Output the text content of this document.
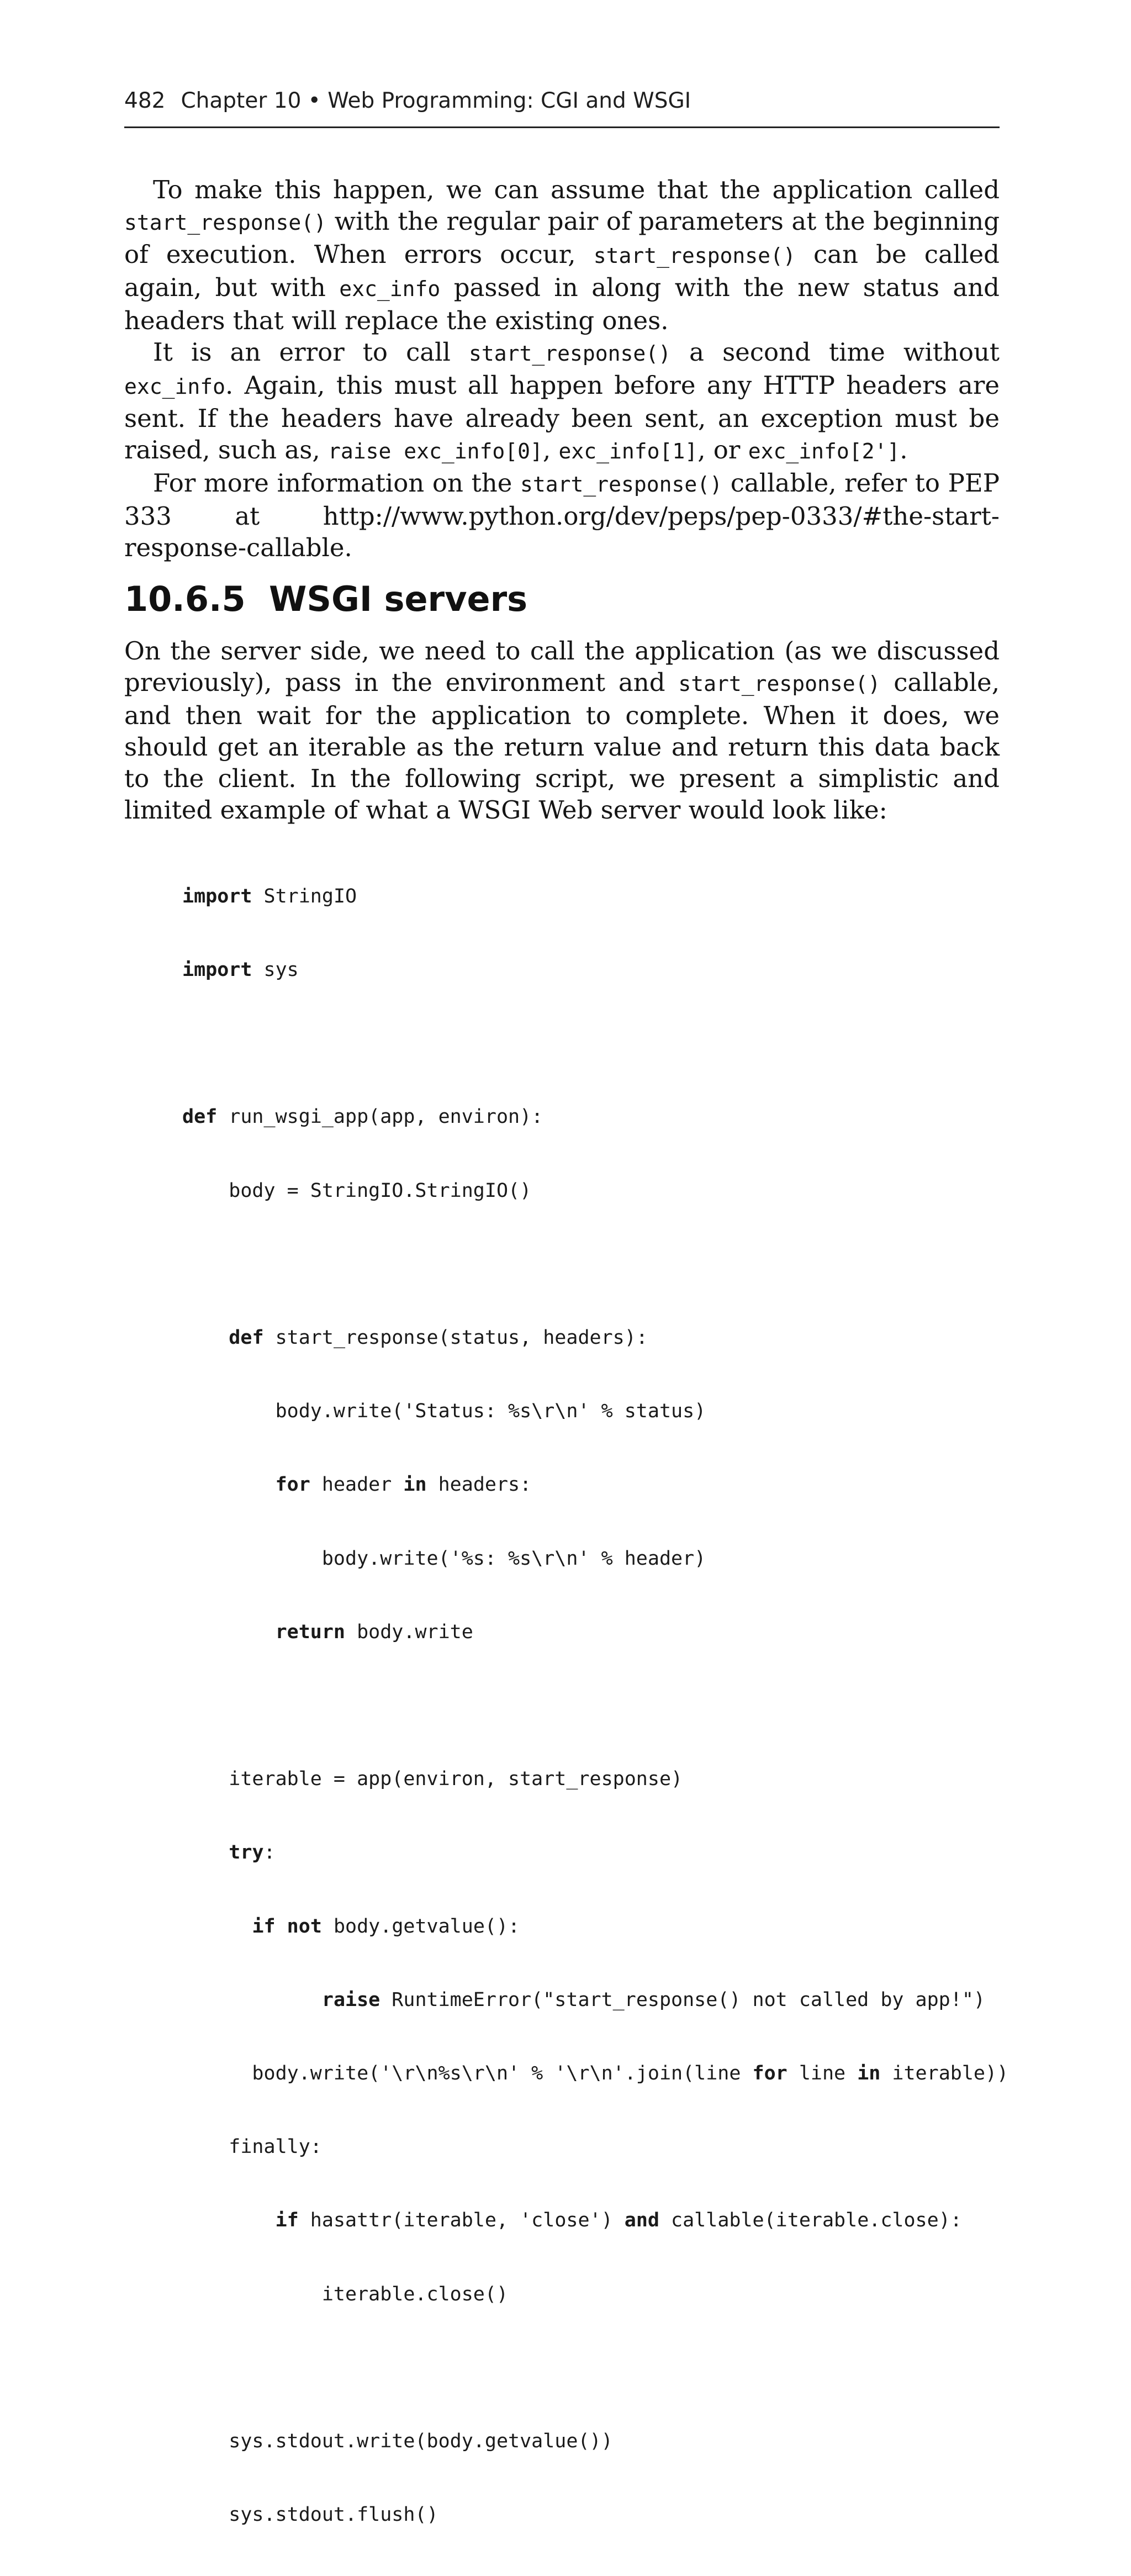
482 Chapter 10 • Web Programming: CGI and WSGI

To make this happen, we can assume that the application called start_response() with the regular pair of parameters at the beginning of execution. When errors occur, start_response() can be called again, but with exc_info passed in along with the new status and headers that will replace the existing ones.

It is an error to call start_response() a second time without exc_info. Again, this must all happen before any HTTP headers are sent. If the headers have already been sent, an exception must be raised, such as, raise exc_info[0], exc_info[1], or exc_info[2'].

For more information on the start_response() callable, refer to PEP 333 at http://www.python.org/dev/peps/pep-0333/#the-start-response-callable.

10.6.5 WSGI servers

On the server side, we need to call the application (as we discussed previously), pass in the environment and start_response() callable, and then wait for the application to complete. When it does, we should get an iterable as the return value and return this data back to the client. In the following script, we present a simplistic and limited example of what a WSGI Web server would look like:

import StringIO

import sys

def run_wsgi_app(app, environ):

body = StringIO.StringIO()

def start_response(status, headers):

body.write('Status: %s\r\n' % status)

for header in headers:

body.write('%s: %s\r\n' % header)

return body.write

iterable = app(environ, start_response)

try:

if not body.getvalue():

raise RuntimeError("start_response() not called by app!")

body.write('\r\n%s\r\n' % '\r\n'.join(line for line in iterable))

finally:

if hasattr(iterable, 'close') and callable(iterable.close):

iterable.close()

sys.stdout.write(body.getvalue())

sys.stdout.flush()
